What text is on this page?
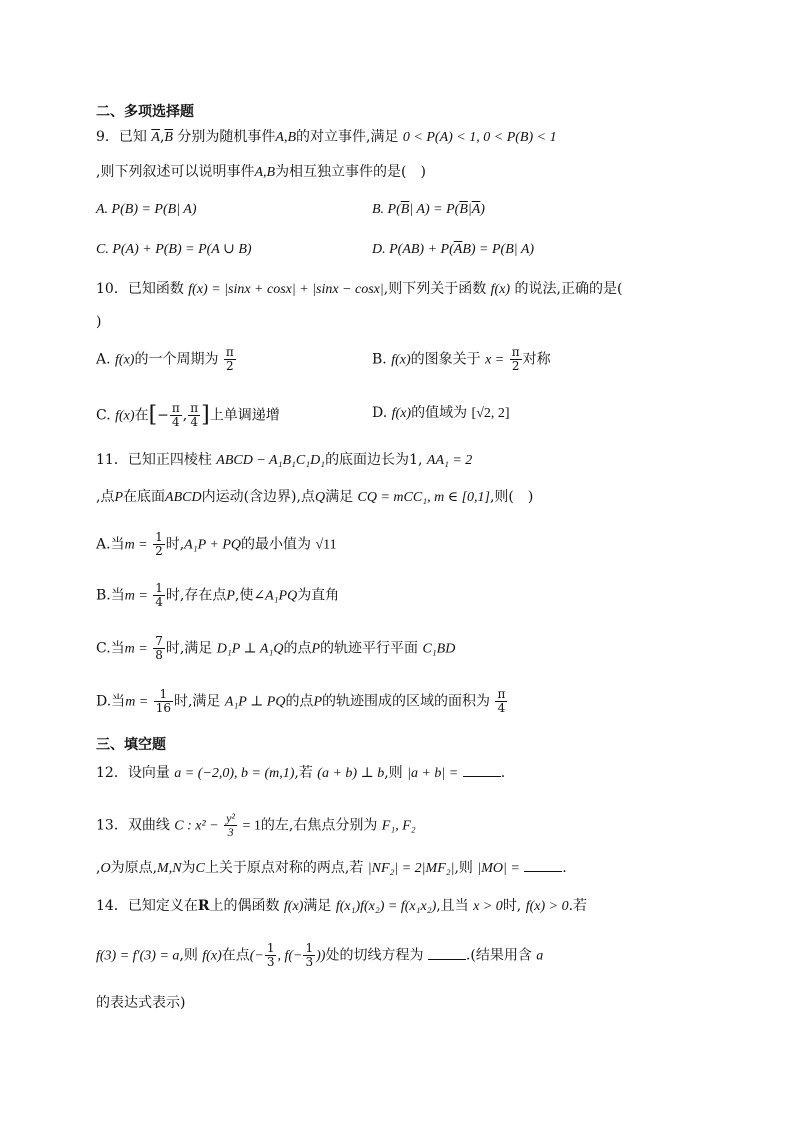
二、多项选择题
9．已知 $\overline{A},\overline{B}$ 分别为随机事件A,B的对立事件,满足 0 < P(A) < 1, 0 < P(B) < 1
,则下列叙述可以说明事件A,B为相互独立事件的是(　)
A. P(B) = P(B| A)	B. $P(\overline{B}|$ $A) = P(\overline{B}|\overline{A})$
C. P(A) + P(B) = P(A ∪ B)	D. $P(AB) + P(\overline{A}B) = P(B|$ A)
10．已知函数 f(x) = |sinx + cosx| + |sinx − cosx|,则下列关于函数 f(x) 的说法,正确的是(
)
A. f(x)的一个周期为 $\frac{\pi}{2}$	B. f(x)的图象关于 $x = \frac{\pi}{2}$ 对称
C. f(x)在[− $\frac{\pi}{4}$ , $\frac{\pi}{4}$ ]上单调递增	D. f(x)的值域为 [√2, 2]
11．已知正四棱柱 ABCD − A₁B₁C₁D₁的底面边长为1, AA₁ = 2
,点P在底面ABCD内运动(含边界),点Q满足 CQ = mCC₁, m ∈ [0,1],则(　)
A.当$m = \frac{1}{2}$ 时,A₁P + PQ的最小值为 √11
B.当$m = \frac{1}{4}$ 时,存在点P,使∠A₁PQ为直角
C.当$m = \frac{7}{8}$ 时,满足 D₁P ⊥ A₁Q的点P的轨迹平行平面 C₁BD
D.当$m = \frac{1}{16}$ 时,满足 A₁P ⊥ PQ的点P的轨迹围成的区域的面积为 $\frac{\pi}{4}$
三、填空题
12．设向量 a = (−2,0), b = (m,1),若 (a + b) ⊥ b,则 |a + b| =	.
13．双曲线 C : $x^2 - \frac{\text{y²}}{3} = 1$的左,右焦点分别为 F₁, F₂
,O为原点,M,N为C上关于原点对称的两点,若 |NF₂| = 2|MF₂|,则 |MO| =	.
14．已知定义在R上的偶函数 f(x)满足 f(x₁)f(x₂) = f(x₁x₂),且当 x > 0时, f(x) > 0.若
f(3) = f′(3) = a,则 f(x)在点(− $\frac{1}{3}$ , $f(- \frac{1}{3}$ ))处的切线方程为	.(结果用含 a
的表达式表示)
